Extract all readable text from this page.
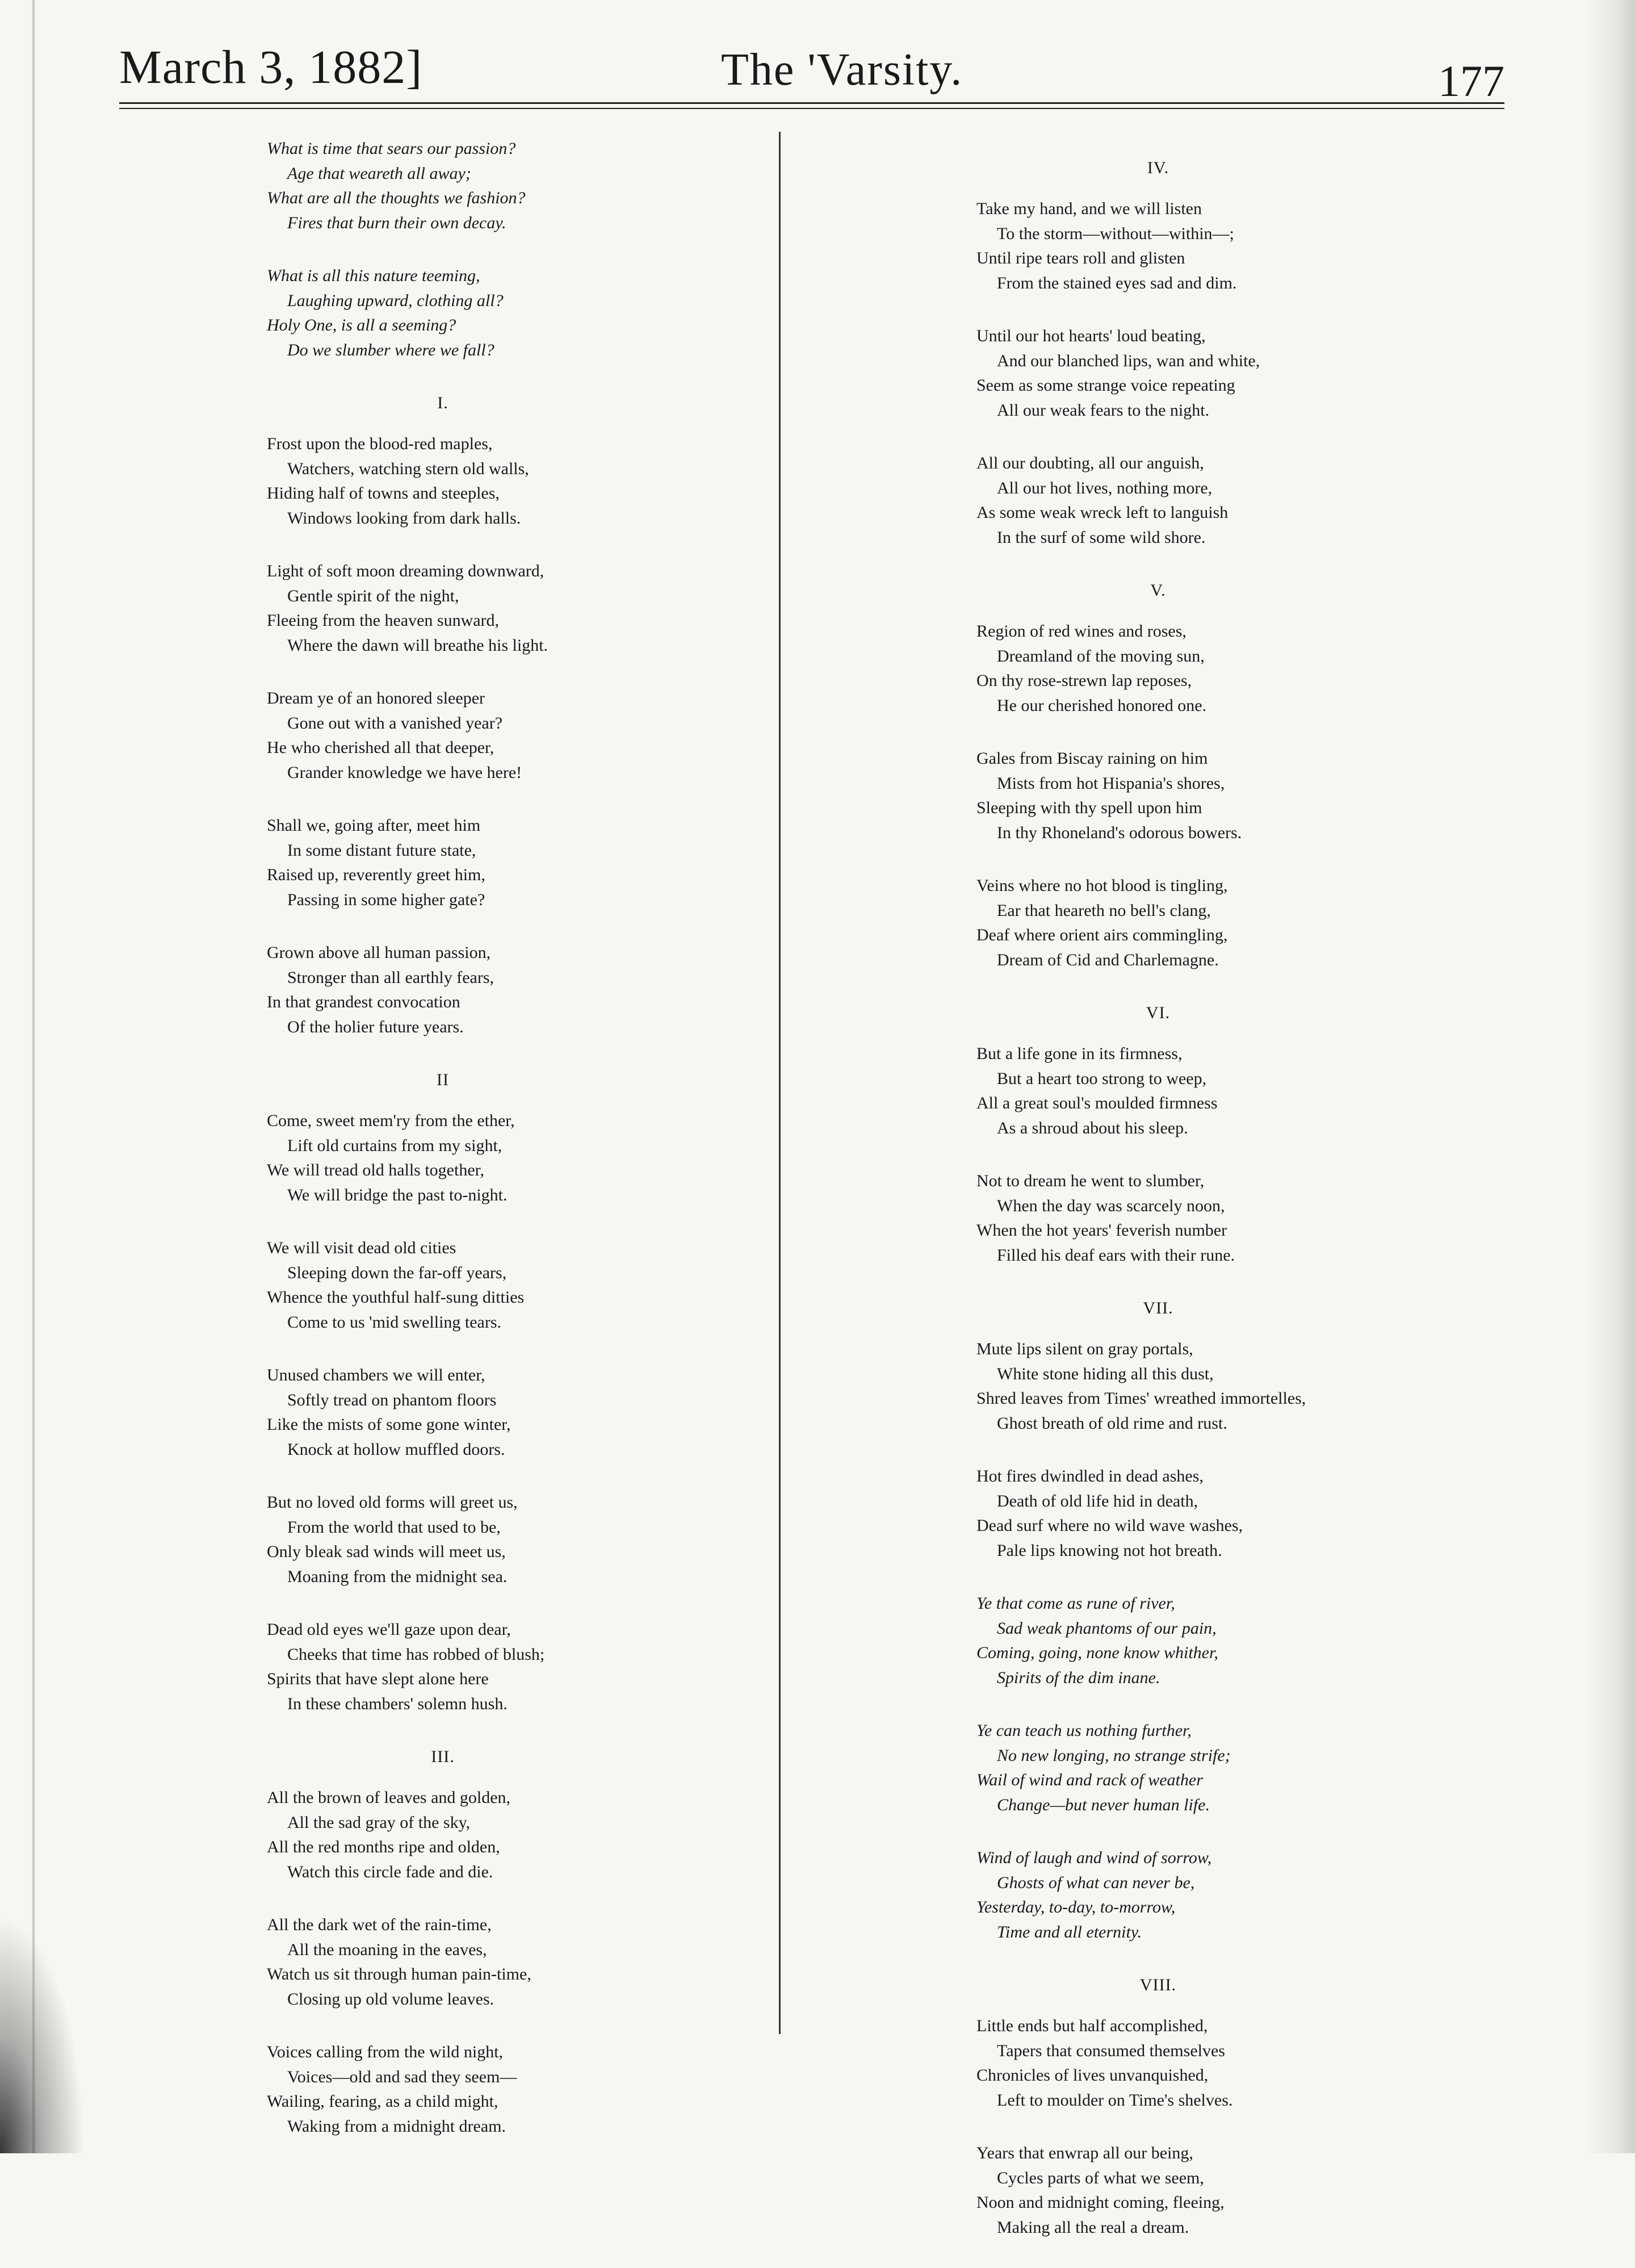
March 3, 1882]	The 'Varsity.	177
What is time that sears our passion?
Age that weareth all away;
What are all the thoughts we fashion?
Fires that burn their own decay.
What is all this nature teeming,
Laughing upward, clothing all?
Holy One, is all a seeming?
Do we slumber where we fall?
I.
Frost upon the blood-red maples,
Watchers, watching stern old walls,
Hiding half of towns and steeples,
Windows looking from dark halls.
Light of soft moon dreaming downward,
Gentle spirit of the night,
Fleeing from the heaven sunward,
Where the dawn will breathe his light.
Dream ye of an honored sleeper
Gone out with a vanished year?
He who cherished all that deeper,
Grander knowledge we have here!
Shall we, going after, meet him
In some distant future state,
Raised up, reverently greet him,
Passing in some higher gate?
Grown above all human passion,
Stronger than all earthly fears,
In that grandest convocation
Of the holier future years.
II
Come, sweet mem'ry from the ether,
Lift old curtains from my sight,
We will tread old halls together,
We will bridge the past to-night.
We will visit dead old cities
Sleeping down the far-off years,
Whence the youthful half-sung ditties
Come to us 'mid swelling tears.
Unused chambers we will enter,
Softly tread on phantom floors
Like the mists of some gone winter,
Knock at hollow muffled doors.
But no loved old forms will greet us,
From the world that used to be,
Only bleak sad winds will meet us,
Moaning from the midnight sea.
Dead old eyes we'll gaze upon dear,
Cheeks that time has robbed of blush;
Spirits that have slept alone here
In these chambers' solemn hush.
III.
All the brown of leaves and golden,
All the sad gray of the sky,
All the red months ripe and olden,
Watch this circle fade and die.
All the dark wet of the rain-time,
All the moaning in the eaves,
Watch us sit through human pain-time,
Closing up old volume leaves.
Voices calling from the wild night,
Voices—old and sad they seem—
Wailing, fearing, as a child might,
Waking from a midnight dream.
IV.
Take my hand, and we will listen
To the storm—without—within—;
Until ripe tears roll and glisten
From the stained eyes sad and dim.
Until our hot hearts' loud beating,
And our blanched lips, wan and white,
Seem as some strange voice repeating
All our weak fears to the night.
All our doubting, all our anguish,
All our hot lives, nothing more,
As some weak wreck left to languish
In the surf of some wild shore.
V.
Region of red wines and roses,
Dreamland of the moving sun,
On thy rose-strewn lap reposes,
He our cherished honored one.
Gales from Biscay raining on him
Mists from hot Hispania's shores,
Sleeping with thy spell upon him
In thy Rhoneland's odorous bowers.
Veins where no hot blood is tingling,
Ear that heareth no bell's clang,
Deaf where orient airs commingling,
Dream of Cid and Charlemagne.
VI.
But a life gone in its firmness,
But a heart too strong to weep,
All a great soul's moulded firmness
As a shroud about his sleep.
Not to dream he went to slumber,
When the day was scarcely noon,
When the hot years' feverish number
Filled his deaf ears with their rune.
VII.
Mute lips silent on gray portals,
White stone hiding all this dust,
Shred leaves from Times' wreathed immortelles,
Ghost breath of old rime and rust.
Hot fires dwindled in dead ashes,
Death of old life hid in death,
Dead surf where no wild wave washes,
Pale lips knowing not hot breath.
Ye that come as rune of river,
Sad weak phantoms of our pain,
Coming, going, none know whither,
Spirits of the dim inane.
Ye can teach us nothing further,
No new longing, no strange strife;
Wail of wind and rack of weather
Change—but never human life.
Wind of laugh and wind of sorrow,
Ghosts of what can never be,
Yesterday, to-day, to-morrow,
Time and all eternity.
VIII.
Little ends but half accomplished,
Tapers that consumed themselves
Chronicles of lives unvanquished,
Left to moulder on Time's shelves.
Years that enwrap all our being,
Cycles parts of what we seem,
Noon and midnight coming, fleeing,
Making all the real a dream.
